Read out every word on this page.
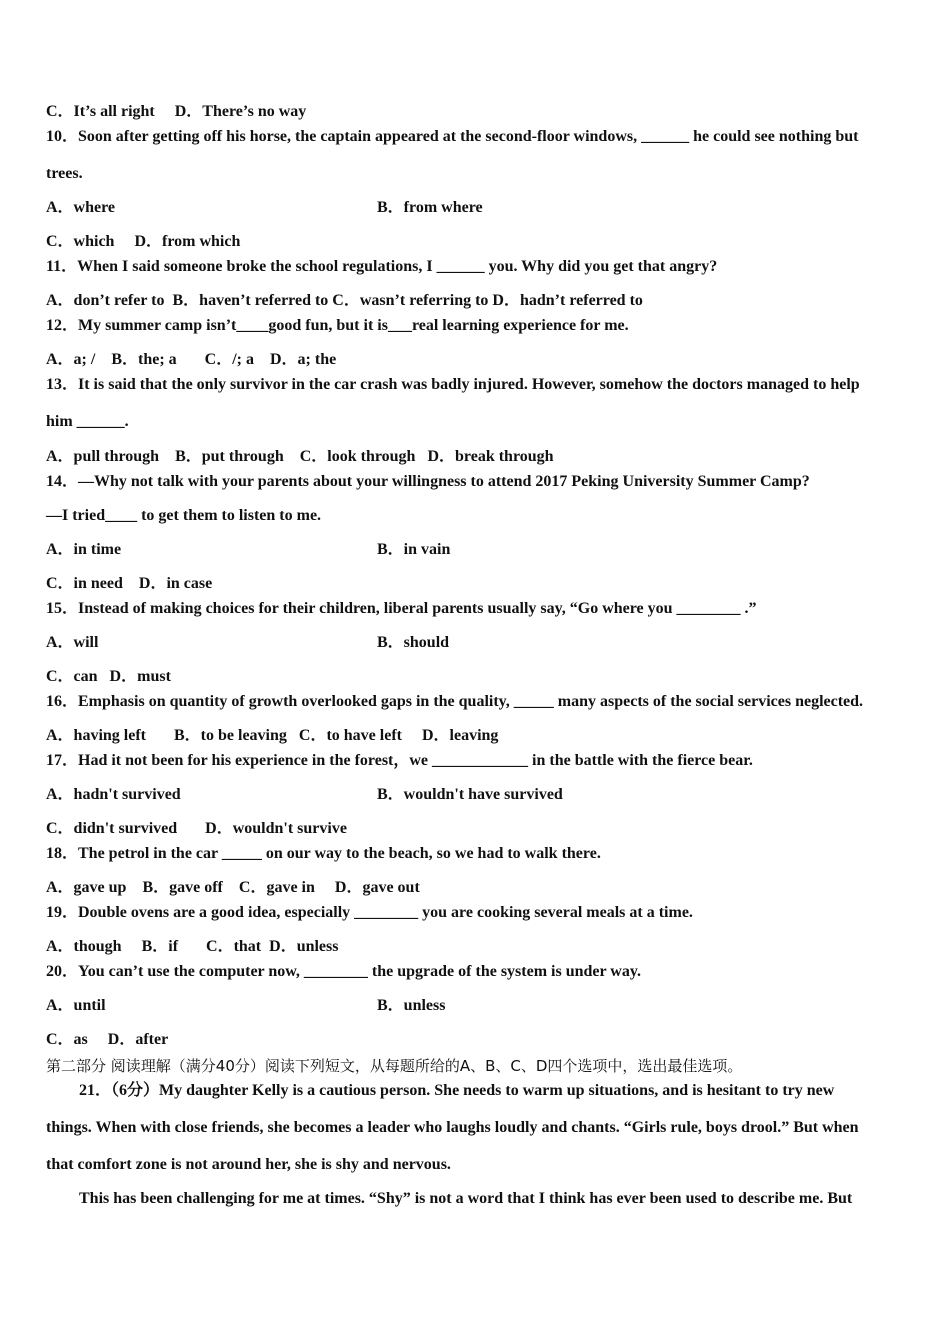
C．It’s all right     D．There’s no way
10．Soon after getting off his horse, the captain appeared at the second-floor windows, ______ he could see nothing but
trees.
A．where	B．from where
C．which     D．from which
11．When I said someone broke the school regulations, I ______ you. Why did you get that angry?
A．don’t refer to  B．haven’t referred to C．wasn’t referring to D．hadn’t referred to
12．My summer camp isn’t____good fun, but it is___real learning experience for me.
A．a; /    B．the; a       C．/; a    D．a; the
13．It is said that the only survivor in the car crash was badly injured. However, somehow the doctors managed to help
him ______.
A．pull through    B．put through    C．look through   D．break through
14．—Why not talk with your parents about your willingness to attend 2017 Peking University Summer Camp?
—I tried____ to get them to listen to me.
A．in time	B．in vain
C．in need    D．in case
15．Instead of making choices for their children, liberal parents usually say, “Go where you ________ .”
A．will	B．should
C．can   D．must
16．Emphasis on quantity of growth overlooked gaps in the quality, _____ many aspects of the social services neglected.
A．having left       B．to be leaving   C．to have left     D．leaving
17．Had it not been for his experience in the forest，we ____________ in the battle with the fierce bear.
A．hadn't survived	B．wouldn't have survived
C．didn't survived       D．wouldn't survive
18．The petrol in the car _____ on our way to the beach, so we had to walk there.
A．gave up    B．gave off    C．gave in     D．gave out
19．Double ovens are a good idea, especially ________ you are cooking several meals at a time.
A．though     B．if       C．that  D．unless
20．You can’t use the computer now, ________ the upgrade of the system is under way.
A．until	B．unless
C．as     D．after
第二部分 阅读理解（满分40分）阅读下列短文，从每题所给的A、B、C、D四个选项中，选出最佳选项。
21．（6分）My daughter Kelly is a cautious person. She needs to warm up situations, and is hesitant to try new
things. When with close friends, she becomes a leader who laughs loudly and chants. “Girls rule, boys drool.” But when
that comfort zone is not around her, she is shy and nervous.
This has been challenging for me at times. “Shy” is not a word that I think has ever been used to describe me. But
